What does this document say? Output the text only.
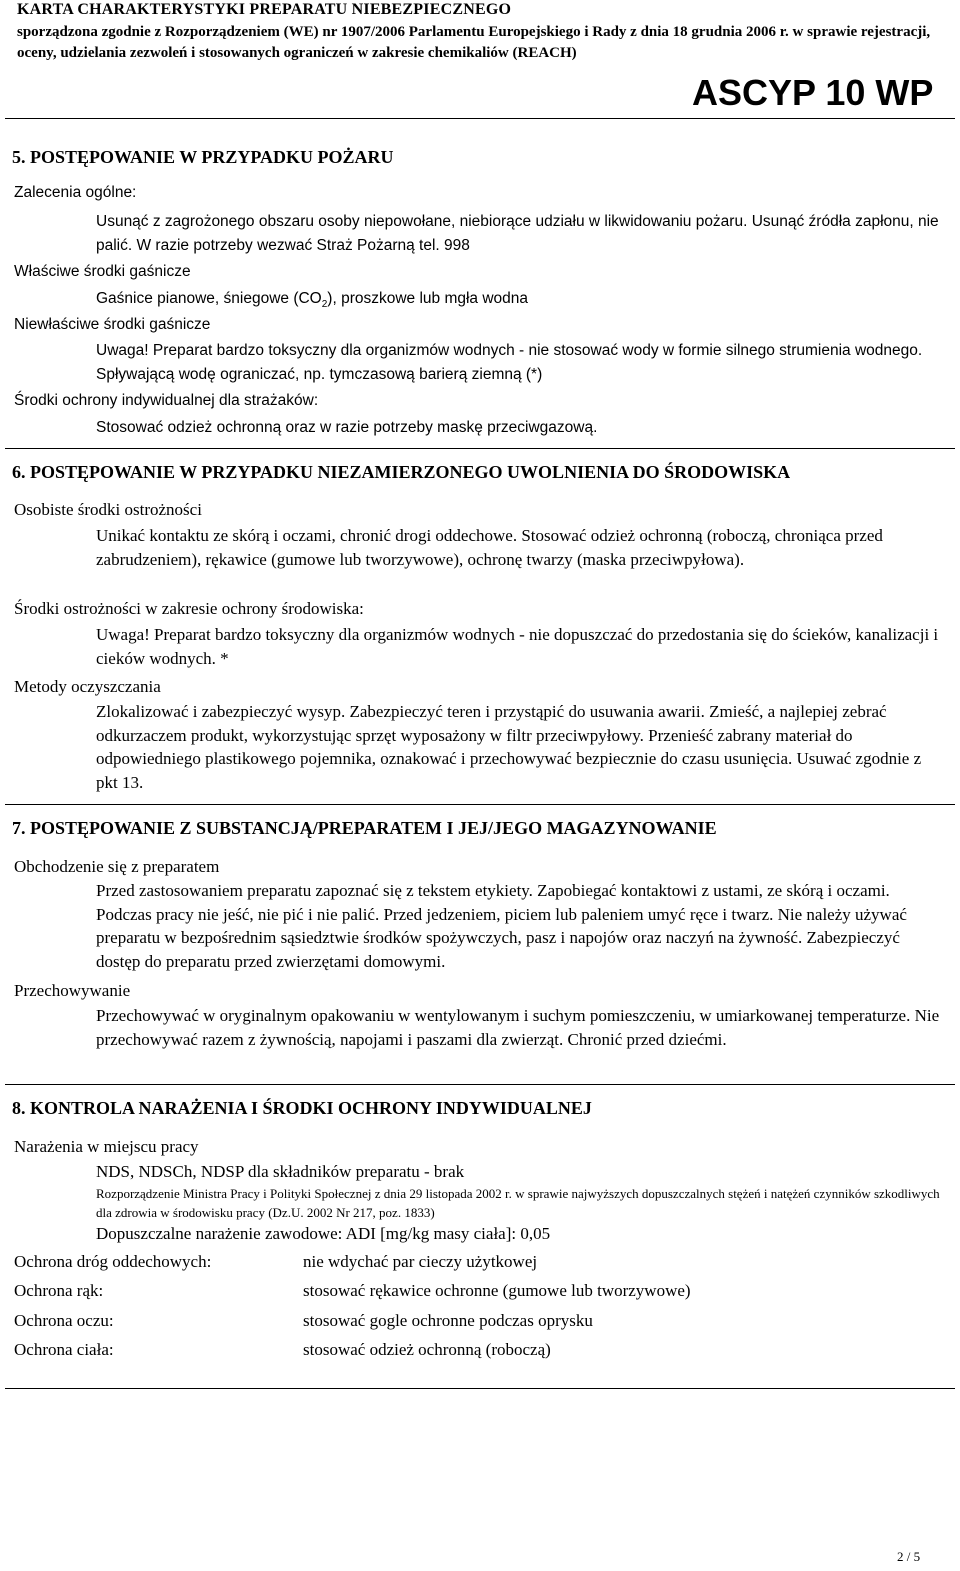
KARTA CHARAKTERYSTYKI PREPARATU NIEBEZPIECZNEGO
sporządzona zgodnie z Rozporządzeniem (WE) nr 1907/2006 Parlamentu Europejskiego i Rady z dnia 18 grudnia 2006 r. w sprawie rejestracji, oceny, udzielania zezwoleń i stosowanych ograniczeń w zakresie chemikaliów (REACH)
ASCYP 10 WP
5. POSTĘPOWANIE W PRZYPADKU POŻARU
Zalecenia ogólne:
Usunąć z zagrożonego obszaru osoby niepowołane, niebiorące udziału w likwidowaniu pożaru. Usunąć źródła zapłonu, nie palić. W razie potrzeby wezwać Straż Pożarną tel. 998
Właściwe środki gaśnicze
Gaśnice pianowe, śniegowe $(CO_2)$, proszkowe lub mgła wodna
Niewłaściwe środki gaśnicze
Uwaga! Preparat bardzo toksyczny dla organizmów wodnych - nie stosować wody w formie silnego strumienia wodnego. Spływającą wodę ograniczać, np. tymczasową barierą ziemną (*)
Środki ochrony indywidualnej dla strażaków:
Stosować odzież ochronną oraz w razie potrzeby maskę przeciwgazową.
6. POSTĘPOWANIE W PRZYPADKU NIEZAMIERZONEGO UWOLNIENIA DO ŚRODOWISKA
Osobiste środki ostrożności
Unikać kontaktu ze skórą i oczami, chronić drogi oddechowe. Stosować odzież ochronną (roboczą, chroniąca przed zabrudzeniem), rękawice (gumowe lub tworzywowe), ochronę twarzy (maska przeciwpyłowa).
Środki ostrożności w zakresie ochrony środowiska:
Uwaga! Preparat bardzo toksyczny dla organizmów wodnych - nie dopuszczać do przedostania się do ścieków, kanalizacji i cieków wodnych. *
Metody oczyszczania
Zlokalizować i zabezpieczyć wysyp. Zabezpieczyć teren i przystąpić do usuwania awarii. Zmieść, a najlepiej zebrać odkurzaczem produkt, wykorzystując sprzęt wyposażony w filtr przeciwpyłowy. Przenieść zabrany materiał do odpowiedniego plastikowego pojemnika, oznakować i przechowywać bezpiecznie do czasu usunięcia. Usuwać zgodnie z pkt 13.
7. POSTĘPOWANIE Z SUBSTANCJĄ/PREPARATEM I JEJ/JEGO MAGAZYNOWANIE
Obchodzenie się z preparatem
Przed zastosowaniem preparatu zapoznać się z tekstem etykiety. Zapobiegać kontaktowi z ustami, ze skórą i oczami. Podczas pracy nie jeść, nie pić i nie palić. Przed jedzeniem, piciem lub paleniem umyć ręce i twarz. Nie należy używać preparatu w bezpośrednim sąsiedztwie środków spożywczych, pasz i napojów oraz naczyń na żywność. Zabezpieczyć dostęp do preparatu przed zwierzętami domowymi.
Przechowywanie
Przechowywać w oryginalnym opakowaniu w wentylowanym i suchym pomieszczeniu, w umiarkowanej temperaturze. Nie przechowywać razem z żywnością, napojami i paszami dla zwierząt. Chronić przed dziećmi.
8. KONTROLA NARAŻENIA I ŚRODKI OCHRONY INDYWIDUALNEJ
Narażenia w miejscu pracy
NDS, NDSCh, NDSP dla składników preparatu - brak
Rozporządzenie Ministra Pracy i Polityki Społecznej z dnia 29 listopada 2002 r. w sprawie najwyższych dopuszczalnych stężeń i natężeń czynników szkodliwych dla zdrowia w środowisku pracy (Dz.U. 2002 Nr 217, poz. 1833)
Dopuszczalne narażenie zawodowe: ADI [mg/kg masy ciała]: 0,05
Ochrona dróg oddechowych:	nie wdychać par cieczy użytkowej
Ochrona rąk:	stosować rękawice ochronne (gumowe lub tworzywowe)
Ochrona oczu:	stosować gogle ochronne podczas oprysku
Ochrona ciała:	stosować odzież ochronną (roboczą)
2 / 5
